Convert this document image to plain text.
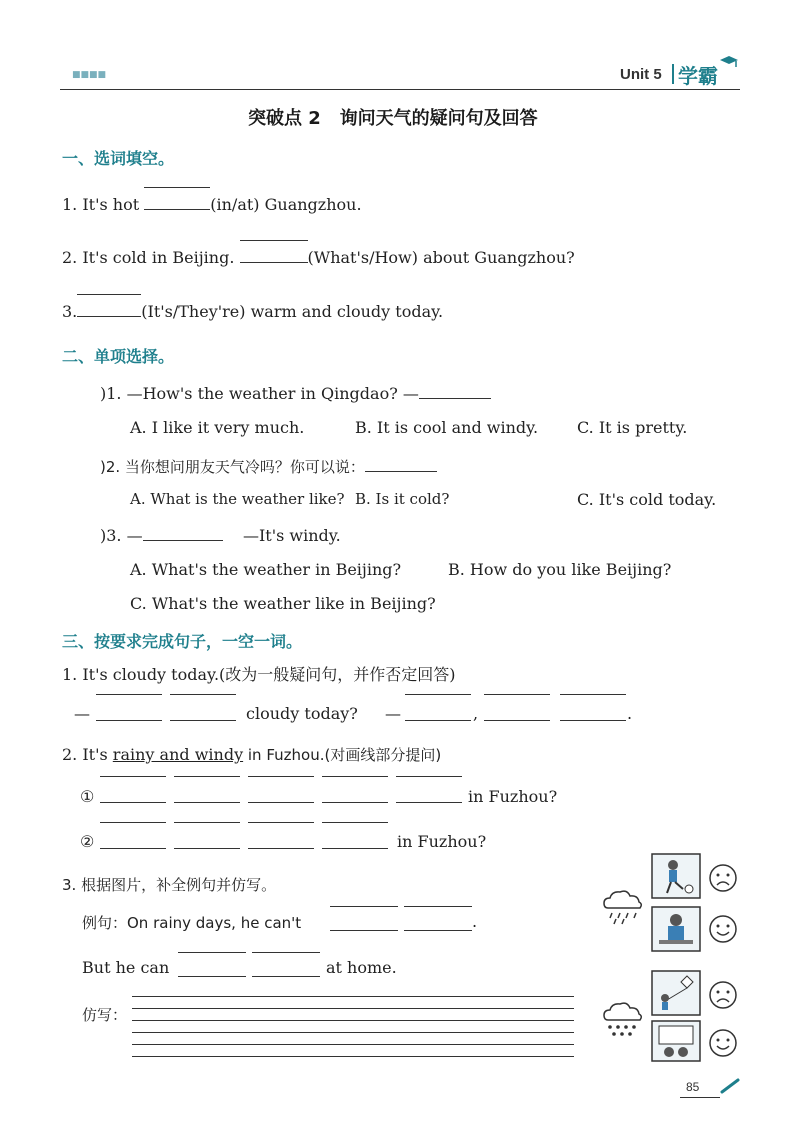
■■■■	Unit 5 学霸
突破点 2   询问天气的疑问句及回答
一、选词填空。
1. It's hot	(in/at) Guangzhou.
2. It's cold in Beijing.	(What's/How) about Guangzhou?
3.	(It's/They're) warm and cloudy today.
二、单项选择。
)1. —How's the weather in Qingdao? —
A. I like it very much.	B. It is cool and windy. C. It is pretty.
)2. 当你想问朋友天气冷吗？你可以说：
A. What is the weather like? B. Is it cold?	C. It's cold today.
)3. —	—It's windy.
A. What's the weather in Beijing?	B. How do you like Beijing?
C. What's the weather like in Beijing?
三、按要求完成句子，一空一词。
1. It's cloudy today.(改为一般疑问句，并作否定回答)
—	cloudy today? —	,	.
2. It's rainy and windy in Fuzhou.(对画线部分提问)
①	in Fuzhou?
②	in Fuzhou?
3. 根据图片，补全例句并仿写。
例句：On rainy days, he can't	.
But he can	at home.
仿写：
85
